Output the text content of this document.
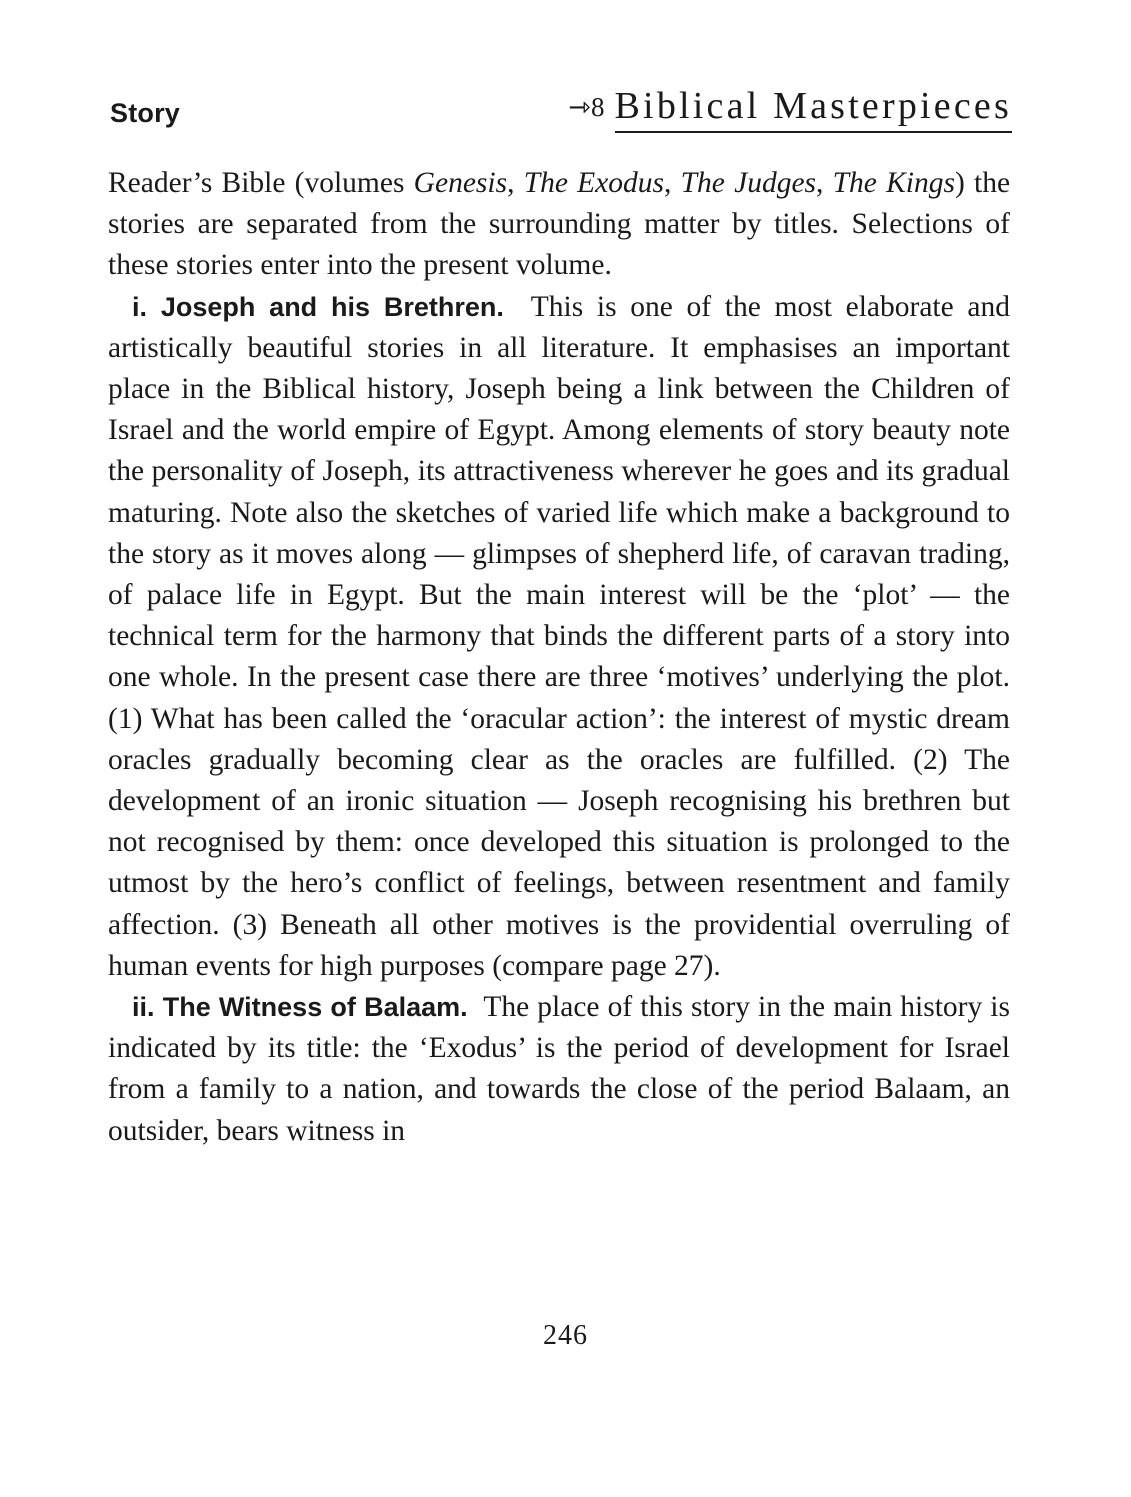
Story	⇾8 Biblical Masterpieces

Reader’s Bible (volumes Genesis, The Exodus, The Judges, The Kings) the stories are separated from the surrounding matter by titles. Selections of these stories enter into the present volume.

i. Joseph and his Brethren. This is one of the most elaborate and artistically beautiful stories in all literature. It emphasises an important place in the Biblical history, Joseph being a link between the Children of Israel and the world empire of Egypt. Among elements of story beauty note the personality of Joseph, its attractiveness wherever he goes and its gradual maturing. Note also the sketches of varied life which make a background to the story as it moves along — glimpses of shepherd life, of caravan trading, of palace life in Egypt. But the main interest will be the ‘plot’ — the technical term for the harmony that binds the different parts of a story into one whole. In the present case there are three ‘motives’ underlying the plot. (1) What has been called the ‘oracular action’: the interest of mystic dream oracles gradually becoming clear as the oracles are fulfilled. (2) The development of an ironic situation — Joseph recognising his brethren but not recognised by them: once developed this situation is prolonged to the utmost by the hero’s conflict of feelings, between resentment and family affection. (3) Beneath all other motives is the providential overruling of human events for high purposes (compare page 27).

ii. The Witness of Balaam. The place of this story in the main history is indicated by its title: the ‘Exodus’ is the period of development for Israel from a family to a nation, and towards the close of the period Balaam, an outsider, bears witness in

246
